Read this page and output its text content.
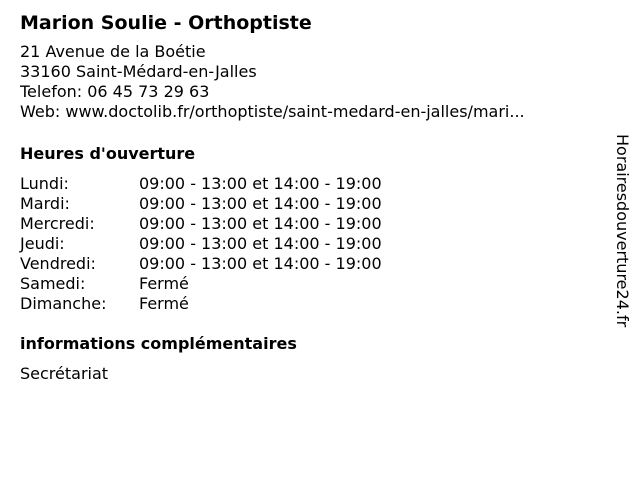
Marion Soulie - Orthoptiste
21 Avenue de la Boétie
33160 Saint-Médard-en-Jalles
Telefon: 06 45 73 29 63
Web: www.doctolib.fr/orthoptiste/saint-medard-en-jalles/mari...
Heures d'ouverture
Lundi:	09:00 - 13:00 et 14:00 - 19:00
Mardi:	09:00 - 13:00 et 14:00 - 19:00
Mercredi:	09:00 - 13:00 et 14:00 - 19:00
Jeudi:	09:00 - 13:00 et 14:00 - 19:00
Vendredi:	09:00 - 13:00 et 14:00 - 19:00
Samedi:	Fermé
Dimanche:	Fermé
informations complémentaires
Secrétariat
Horairesdouverture24.fr
